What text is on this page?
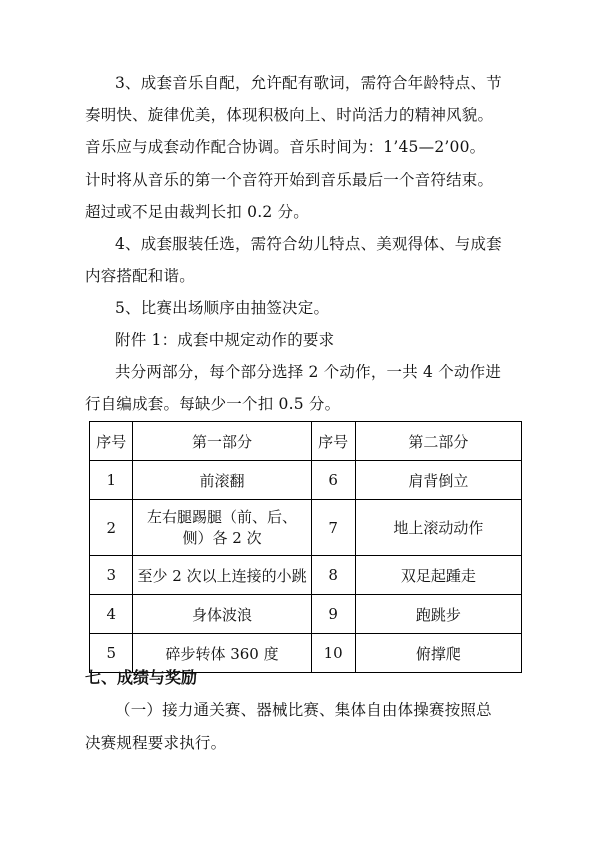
3、成套音乐自配，允许配有歌词，需符合年龄特点、节
奏明快、旋律优美，体现积极向上、时尚活力的精神风貌。
音乐应与成套动作配合协调。音乐时间为：1’45—2’00。
计时将从音乐的第一个音符开始到音乐最后一个音符结束。
超过或不足由裁判长扣 0.2 分。
4、成套服装任选，需符合幼儿特点、美观得体、与成套
内容搭配和谐。
5、比赛出场顺序由抽签决定。
附件 1：成套中规定动作的要求
共分两部分，每个部分选择 2 个动作，一共 4 个动作进
行自编成套。每缺少一个扣 0.5 分。
序号	第一部分	序号	第二部分
1	前滚翻	6	肩背倒立
2	左右腿踢腿（前、后、侧）各 2 次	7	地上滚动动作
3	至少 2 次以上连接的小跳	8	双足起踵走
4	身体波浪	9	跑跳步
5	碎步转体 360 度	10	俯撑爬
七、成绩与奖励
（一）接力通关赛、器械比赛、集体自由体操赛按照总
决赛规程要求执行。
